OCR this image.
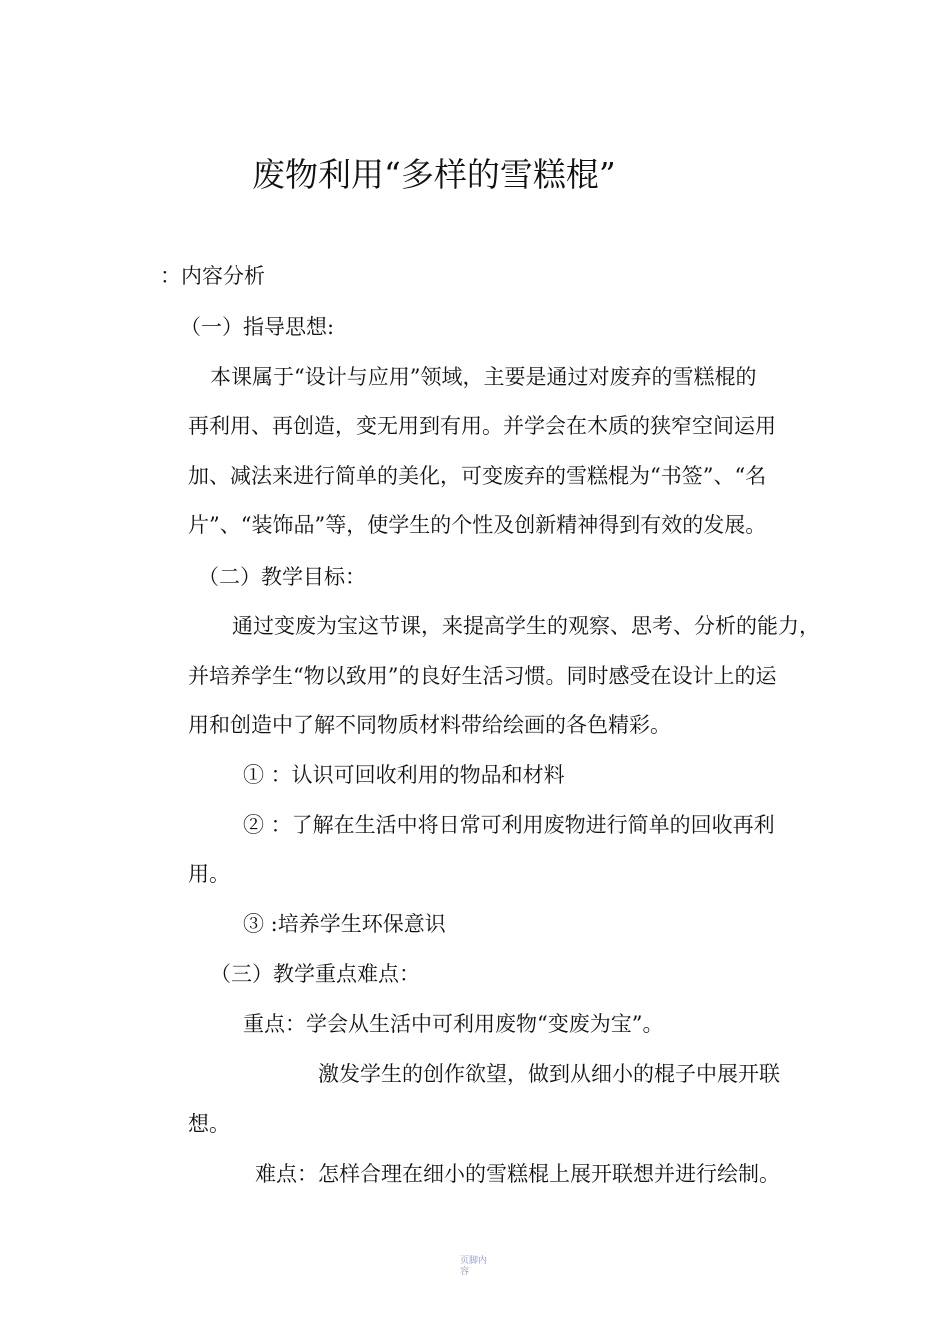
废物利用“多样的雪糕棍”
：内容分析
（一）指导思想:
本课属于“设计与应用”领域，主要是通过对废弃的雪糕棍的
再利用、再创造，变无用到有用。并学会在木质的狭窄空间运用
加、减法来进行简单的美化，可变废弃的雪糕棍为“书签”、“名
片”、“装饰品”等，使学生的个性及创新精神得到有效的发展。
（二）教学目标：
通过变废为宝这节课，来提高学生的观察、思考、分析的能力，
并培养学生“物以致用”的良好生活习惯。同时感受在设计上的运
用和创造中了解不同物质材料带给绘画的各色精彩。
① ：认识可回收利用的物品和材料
② ：了解在生活中将日常可利用废物进行简单的回收再利
用。
③ :培养学生环保意识
（三）教学重点难点：
重点：学会从生活中可利用废物“变废为宝”。
激发学生的创作欲望，做到从细小的棍子中展开联
想。
难点：怎样合理在细小的雪糕棍上展开联想并进行绘制。
页脚内容
